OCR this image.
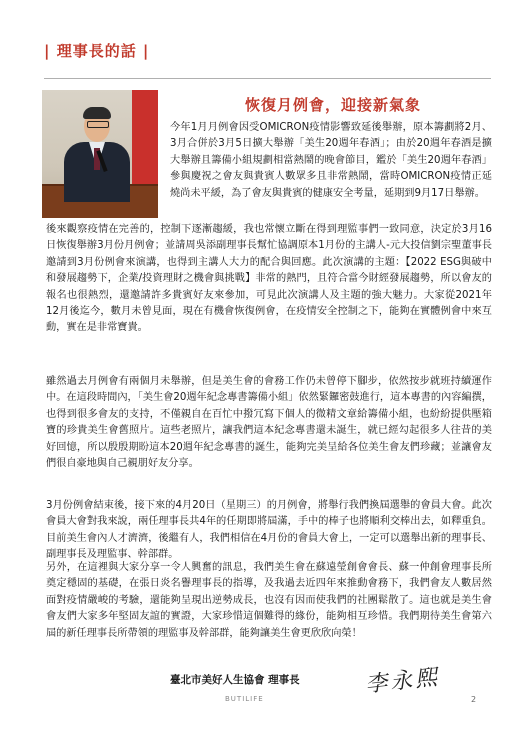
| 理事長的話 |
恢復月例會，迎接新氣象

今年1月月例會因受OMICRON疫情影響致延後舉辦，原本籌劃將2月、3月合併於3月5日擴大舉辦「美生20週年春酒」；由於20週年春酒是擴大舉辦且籌備小組規劃相當熱鬧的晚會節目，鑑於「美生20週年春酒」參與慶祝之會友與貴賓人數眾多且非常熱鬧，當時OMICRON疫情正延燒尚未平緩，為了會友與貴賓的健康安全考量，延期到9月17日舉辦。

後來觀察疫情在完善的，控制下逐漸趨緩，我也常懷立斷在得到理監事們一致同意，決定於3月16日恢復舉辦3月份月例會；並請周吳添副理事長幫忙協調原本1月份的主講人-元大投信劉宗聖董事長邀請到3月份例會來演講，也得到主講人大力的配合與回應。此次演講的主題：【2022 ESG與破中和發展趨勢下，企業/投資理財之機會與挑戰】非常的熱門，且符合當今財經發展趨勢，所以會友的報名也很熱烈，還邀請許多貴賓好友來參加，可見此次演講人及主題的強大魅力。大家從2021年12月後迄今，數月未曾見面，現在有機會恢復例會，在疫情安全控制之下，能夠在實體例會中來互動，實在是非常寶貴。

雖然過去月例會有兩個月未舉辦，但是美生會的會務工作仍未曾停下腳步，依然按步就班持續運作中。在這段時間內，「美生會20週年紀念專書籌備小組」依然緊鑼密鼓進行，這本專書的內容編撰，也得到很多會友的支持，不僅親自在百忙中撥冗寫下個人的微精文章給籌備小組，也紛紛提供壓箱寶的珍貴美生會舊照片。這些老照片，讓我們這本紀念專書還未誕生，就已經勾起很多人往昔的美好回憶，所以殷殷期盼這本20週年紀念專書的誕生，能夠完美呈給各位美生會友們珍藏；並讓會友們很自豪地與自己親朋好友分享。

3月份例會結束後，接下來的4月20日（星期三）的月例會，將舉行我們換屆選舉的會員大會。此次會員大會對我來說，兩任理事長共4年的任期即將屆滿，手中的棒子也將順利交棒出去，如釋重負。目前美生會內人才濟濟，後繼有人，我們相信在4月份的會員大會上，一定可以選舉出新的理事長、副理事長及理監事、幹部群。

另外，在這裡與大家分享一令人興奮的訊息，我們美生會在蘇遠瑩創會會長、蘇一仲創會理事長所奠定穩固的基礎，在張日炎名譽理事長的指導，及我過去近四年來推動會務下，我們會友人數居然面對疫情嚴峻的考驗，還能夠呈現出逆勢成長，也沒有因而使我們的社團鬆散了。這也就是美生會會友們大家多年堅固友誼的實證，大家珍惜這個難得的緣份，能夠相互珍惜。我們期待美生會第六屆的新任理事長所帶領的理監事及幹部群，能夠讓美生會更欣欣向榮！

臺北市美好人生協會 理事長	李永熙
BUTILIFE	2
